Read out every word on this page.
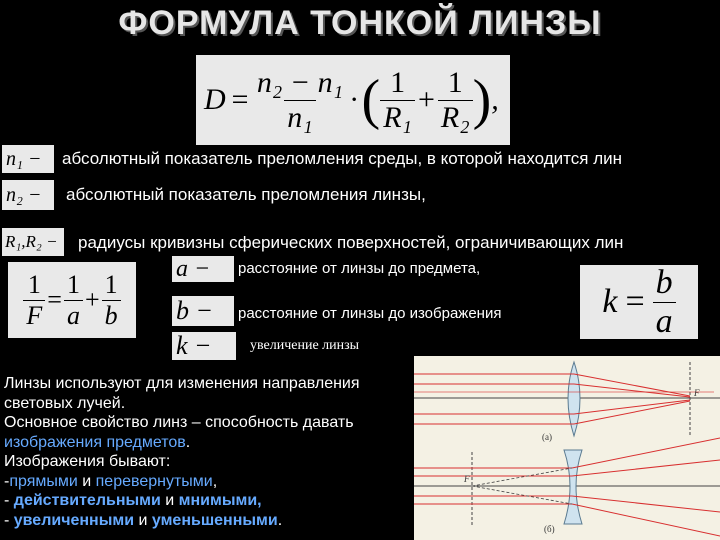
ФОРМУЛА ТОНКОЙ ЛИНЗЫ
$D = \frac{\text{n₂ − n₁}}{\text{n₁}}$ · ( $\frac{1}{\text{R₁}} + \frac{1}{\text{R₂}}$ ) ,
n₁ −	абсолютный показатель преломления среды, в которой находится лин
n₂ −	абсолютный показатель преломления линзы,
R₁,R₂ −	радиусы кривизны сферических поверхностей, ограничивающих лин
$\frac{1}{F} = \frac{1}{a} + \frac{1}{b}$
a −	расстояние от линзы до предмета,
b −	расстояние от линзы до изображения
k −	увеличение линзы
$k = \frac{b}{a}$
Линзы используют для изменения направления
световых лучей.
Основное свойство линз – способность давать
изображения предметов.
Изображения бывают:
-прямыми и перевернутыми,
- действительными и мнимыми,
- увеличенными и уменьшенными.
(а)
F
(б)
F
